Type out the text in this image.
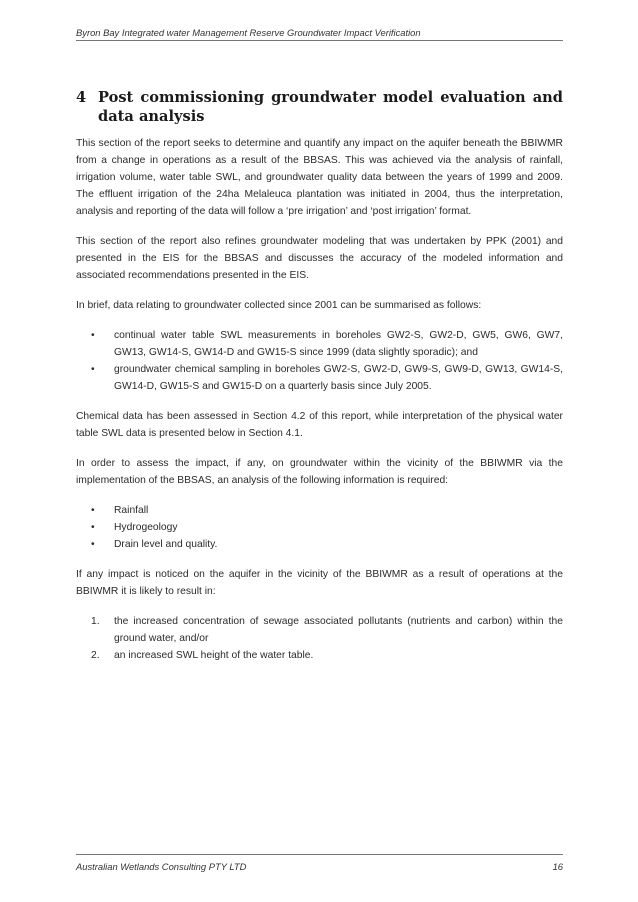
Byron Bay Integrated water Management Reserve Groundwater Impact Verification
4 Post commissioning groundwater model evaluation and data analysis

This section of the report seeks to determine and quantify any impact on the aquifer beneath the BBIWMR from a change in operations as a result of the BBSAS. This was achieved via the analysis of rainfall, irrigation volume, water table SWL, and groundwater quality data between the years of 1999 and 2009. The effluent irrigation of the 24ha Melaleuca plantation was initiated in 2004, thus the interpretation, analysis and reporting of the data will follow a ‘pre irrigation’ and ‘post irrigation’ format.

This section of the report also refines groundwater modeling that was undertaken by PPK (2001) and presented in the EIS for the BBSAS and discusses the accuracy of the modeled information and associated recommendations presented in the EIS.

In brief, data relating to groundwater collected since 2001 can be summarised as follows:

• continual water table SWL measurements in boreholes GW2-S, GW2-D, GW5, GW6, GW7, GW13, GW14-S, GW14-D and GW15-S since 1999 (data slightly sporadic); and
• groundwater chemical sampling in boreholes GW2-S, GW2-D, GW9-S, GW9-D, GW13, GW14-S, GW14-D, GW15-S and GW15-D on a quarterly basis since July 2005.

Chemical data has been assessed in Section 4.2 of this report, while interpretation of the physical water table SWL data is presented below in Section 4.1.

In order to assess the impact, if any, on groundwater within the vicinity of the BBIWMR via the implementation of the BBSAS, an analysis of the following information is required:

• Rainfall
• Hydrogeology
• Drain level and quality.

If any impact is noticed on the aquifer in the vicinity of the BBIWMR as a result of operations at the BBIWMR it is likely to result in:

1. the increased concentration of sewage associated pollutants (nutrients and carbon) within the ground water, and/or
2. an increased SWL height of the water table.
Australian Wetlands Consulting PTY LTD	16
